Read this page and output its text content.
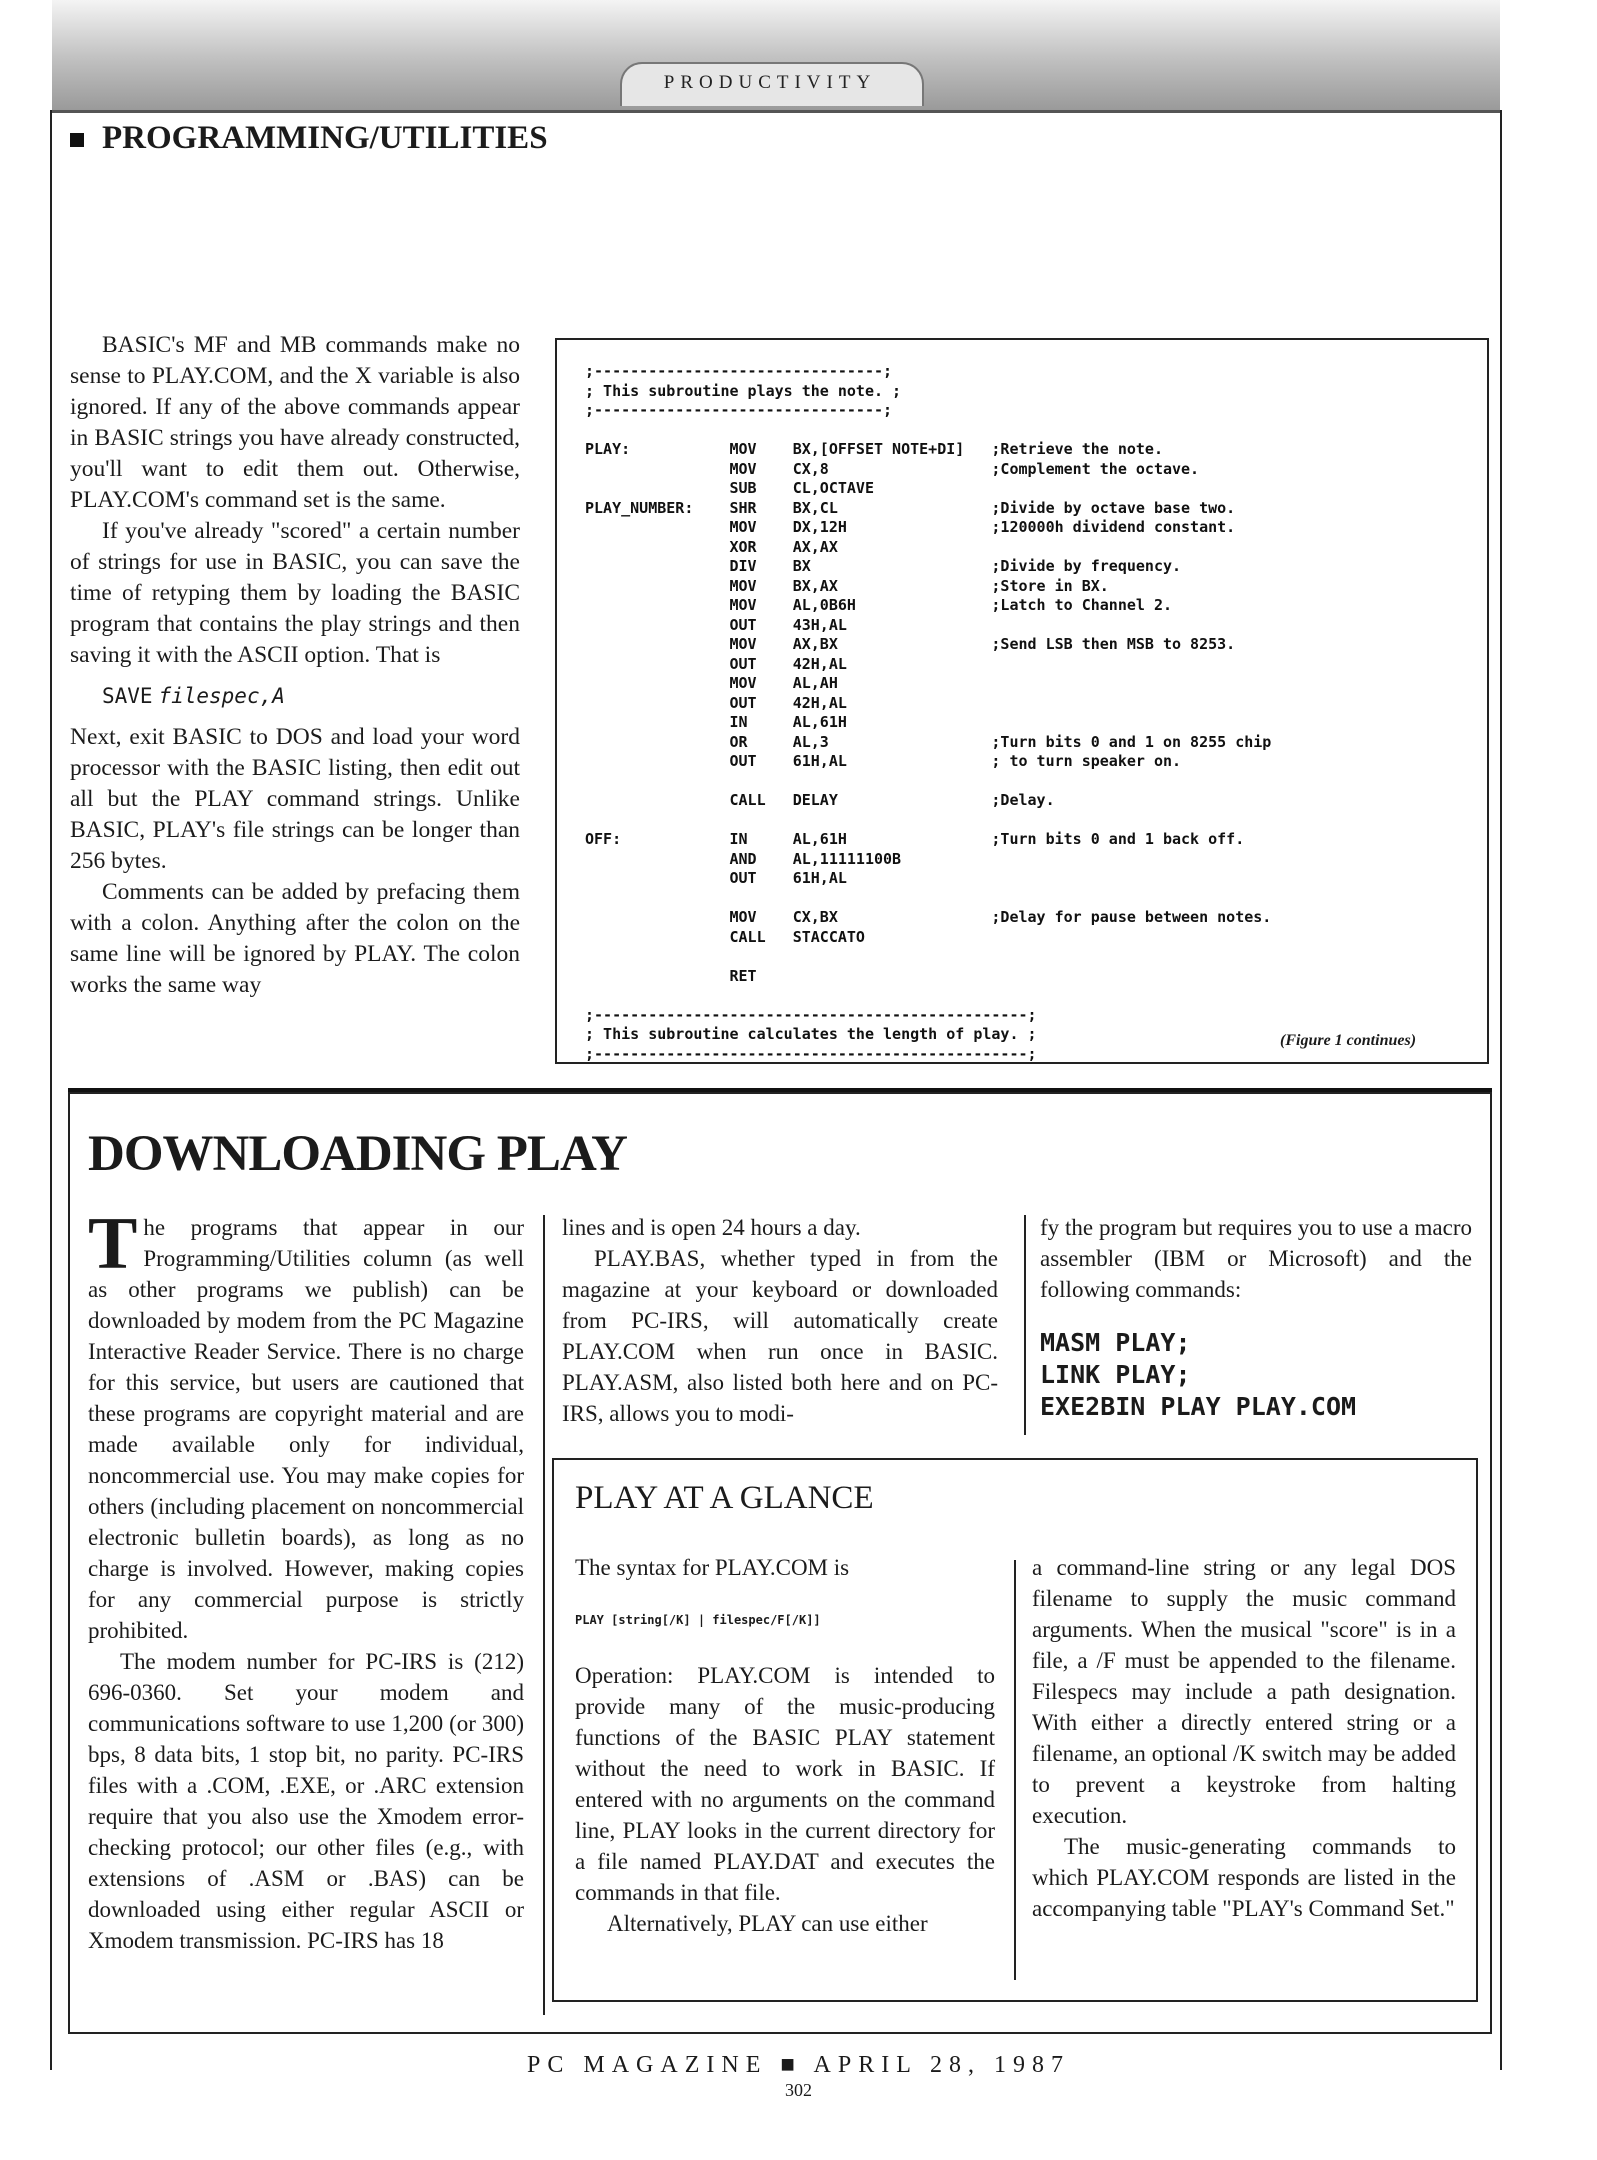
PRODUCTIVITY
PROGRAMMING/UTILITIES

BASIC's MF and MB commands make no sense to PLAY.COM, and the X variable is also ignored. If any of the above commands appear in BASIC strings you have already constructed, you'll want to edit them out. Otherwise, PLAY.COM's command set is the same.

If you've already "scored" a certain number of strings for use in BASIC, you can save the time of retyping them by loading the BASIC program that contains the play strings and then saving it with the ASCII option. That is

SAVE filespec,A

Next, exit BASIC to DOS and load your word processor with the BASIC listing, then edit out all but the PLAY command strings. Unlike BASIC, PLAY's file strings can be longer than 256 bytes.

Comments can be added by prefacing them with a colon. Anything after the colon on the same line will be ignored by PLAY. The colon works the same way

;--------------------------------;
; This subroutine plays the note. ;
;--------------------------------;

PLAY:           MOV    BX,[OFFSET NOTE+DI]   ;Retrieve the note.
MOV    CX,8                  ;Complement the octave.
SUB    CL,OCTAVE
PLAY_NUMBER:    SHR    BX,CL                 ;Divide by octave base two.
MOV    DX,12H                ;120000h dividend constant.
XOR    AX,AX
DIV    BX                    ;Divide by frequency.
MOV    BX,AX                 ;Store in BX.
MOV    AL,0B6H               ;Latch to Channel 2.
OUT    43H,AL
MOV    AX,BX                 ;Send LSB then MSB to 8253.
OUT    42H,AL
MOV    AL,AH
OUT    42H,AL
IN     AL,61H
OR     AL,3                  ;Turn bits 0 and 1 on 8255 chip
OUT    61H,AL                ; to turn speaker on.

CALL   DELAY                 ;Delay.

OFF:            IN     AL,61H                ;Turn bits 0 and 1 back off.
AND    AL,11111100B
OUT    61H,AL

MOV    CX,BX                 ;Delay for pause between notes.
CALL   STACCATO

RET

;------------------------------------------------;
; This subroutine calculates the length of play. ;
;------------------------------------------------;
(Figure 1 continues)
DOWNLOADING PLAY

The programs that appear in our Programming/Utilities column (as well as other programs we publish) can be downloaded by modem from the PC Magazine Interactive Reader Service. There is no charge for this service, but users are cautioned that these programs are copyright material and are made available only for individual, noncommercial use. You may make copies for others (including placement on noncommercial electronic bulletin boards), as long as no charge is involved. However, making copies for any commercial purpose is strictly prohibited.

The modem number for PC-IRS is (212) 696-0360. Set your modem and communications software to use 1,200 (or 300) bps, 8 data bits, 1 stop bit, no parity. PC-IRS files with a .COM, .EXE, or .ARC extension require that you also use the Xmodem error-checking protocol; our other files (e.g., with extensions of .ASM or .BAS) can be downloaded using either regular ASCII or Xmodem transmission. PC-IRS has 18

lines and is open 24 hours a day.

PLAY.BAS, whether typed in from the magazine at your keyboard or downloaded from PC-IRS, will automatically create PLAY.COM when run once in BASIC. PLAY.ASM, also listed both here and on PC-IRS, allows you to modi-

fy the program but requires you to use a macro assembler (IBM or Microsoft) and the following commands:

MASM PLAY;
LINK PLAY;
EXE2BIN PLAY PLAY.COM
PLAY AT A GLANCE

The syntax for PLAY.COM is

PLAY [string[/K] | filespec/F[/K]]

Operation: PLAY.COM is intended to provide many of the music-producing functions of the BASIC PLAY statement without the need to work in BASIC. If entered with no arguments on the command line, PLAY looks in the current directory for a file named PLAY.DAT and executes the commands in that file.

Alternatively, PLAY can use either

a command-line string or any legal DOS filename to supply the music command arguments. When the musical "score" is in a file, a /F must be appended to the filename. Filespecs may include a path designation. With either a directly entered string or a filename, an optional /K switch may be added to prevent a keystroke from halting execution.

The music-generating commands to which PLAY.COM responds are listed in the accompanying table "PLAY's Command Set."

PC MAGAZINE ■ APRIL 28, 1987
302
